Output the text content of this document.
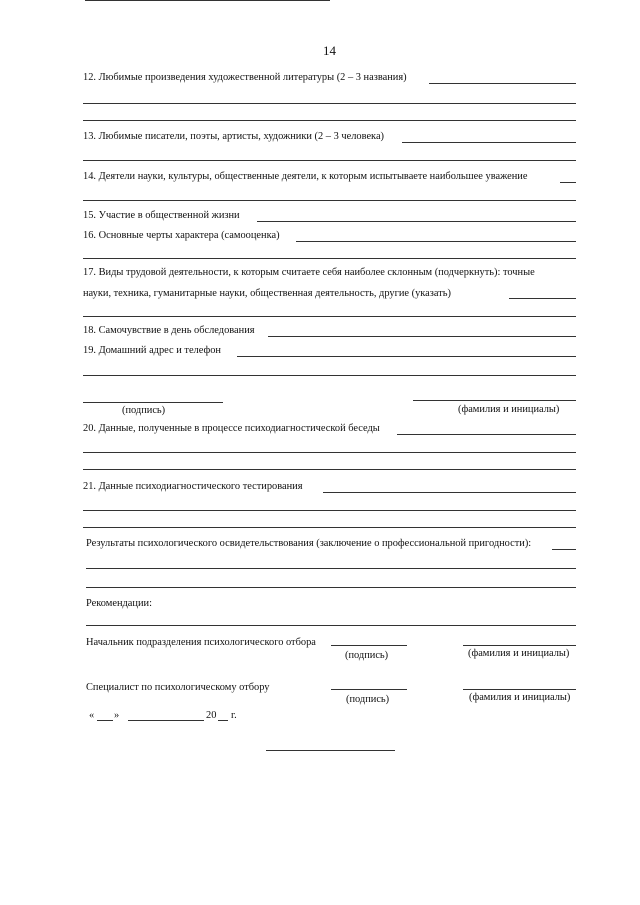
14
12. Любимые произведения художественной литературы (2 – 3 названия)
13. Любимые писатели, поэты, артисты, художники (2 – 3 человека)
14. Деятели науки, культуры, общественные деятели, к которым испытываете наибольшее уважение
15. Участие в общественной жизни
16. Основные черты характера (самооценка)
17. Виды трудовой деятельности, к которым считаете себя наиболее склонным (подчеркнуть): точные
науки, техника, гуманитарные науки, общественная деятельность, другие (указать)
18. Самочувствие в день обследования
19. Домашний адрес и телефон
(подпись)	(фамилия и инициалы)
20. Данные, полученные в процессе психодиагностической беседы
21. Данные психодиагностического тестирования
Результаты психологического освидетельствования (заключение о профессиональной пригодности):
Рекомендации:
Начальник подразделения психологического отбора
(подпись)	(фамилия и инициалы)
Специалист по психологическому отбору
(подпись)	(фамилия и инициалы)
« »	20 г.
